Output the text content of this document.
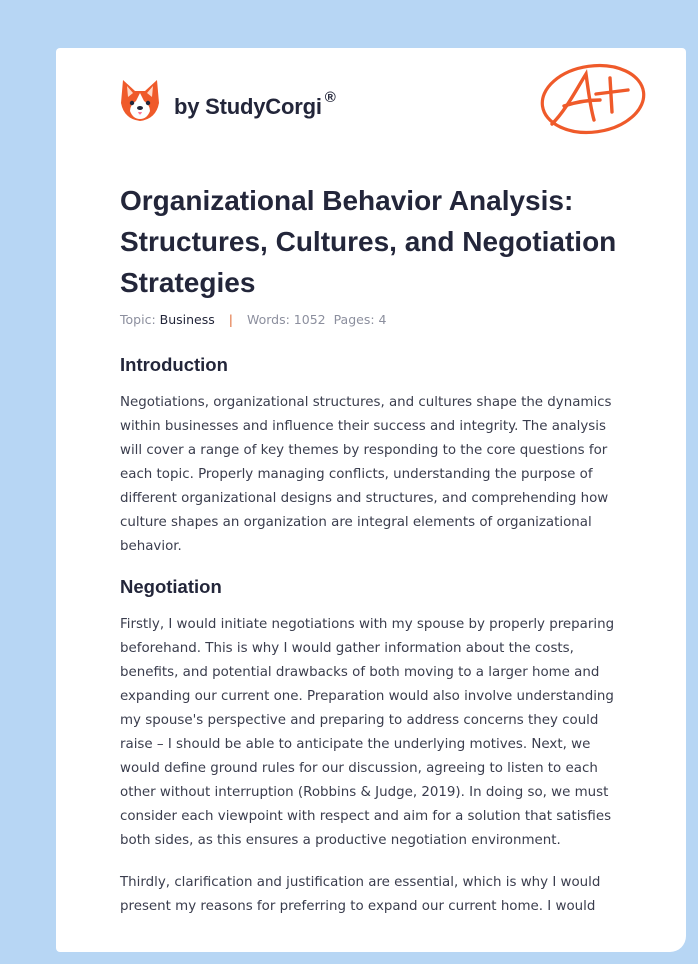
by StudyCorgi ®
Organizational Behavior Analysis: Structures, Cultures, and Negotiation Strategies
Topic: Business | Words: 1052 Pages: 4
Introduction

Negotiations, organizational structures, and cultures shape the dynamics within businesses and influence their success and integrity. The analysis will cover a range of key themes by responding to the core questions for each topic. Properly managing conflicts, understanding the purpose of different organizational designs and structures, and comprehending how culture shapes an organization are integral elements of organizational behavior.

Negotiation

Firstly, I would initiate negotiations with my spouse by properly preparing beforehand. This is why I would gather information about the costs, benefits, and potential drawbacks of both moving to a larger home and expanding our current one. Preparation would also involve understanding my spouse's perspective and preparing to address concerns they could raise – I should be able to anticipate the underlying motives. Next, we would define ground rules for our discussion, agreeing to listen to each other without interruption (Robbins & Judge, 2019). In doing so, we must consider each viewpoint with respect and aim for a solution that satisfies both sides, as this ensures a productive negotiation environment.

Thirdly, clarification and justification are essential, which is why I would present my reasons for preferring to expand our current home. I would
